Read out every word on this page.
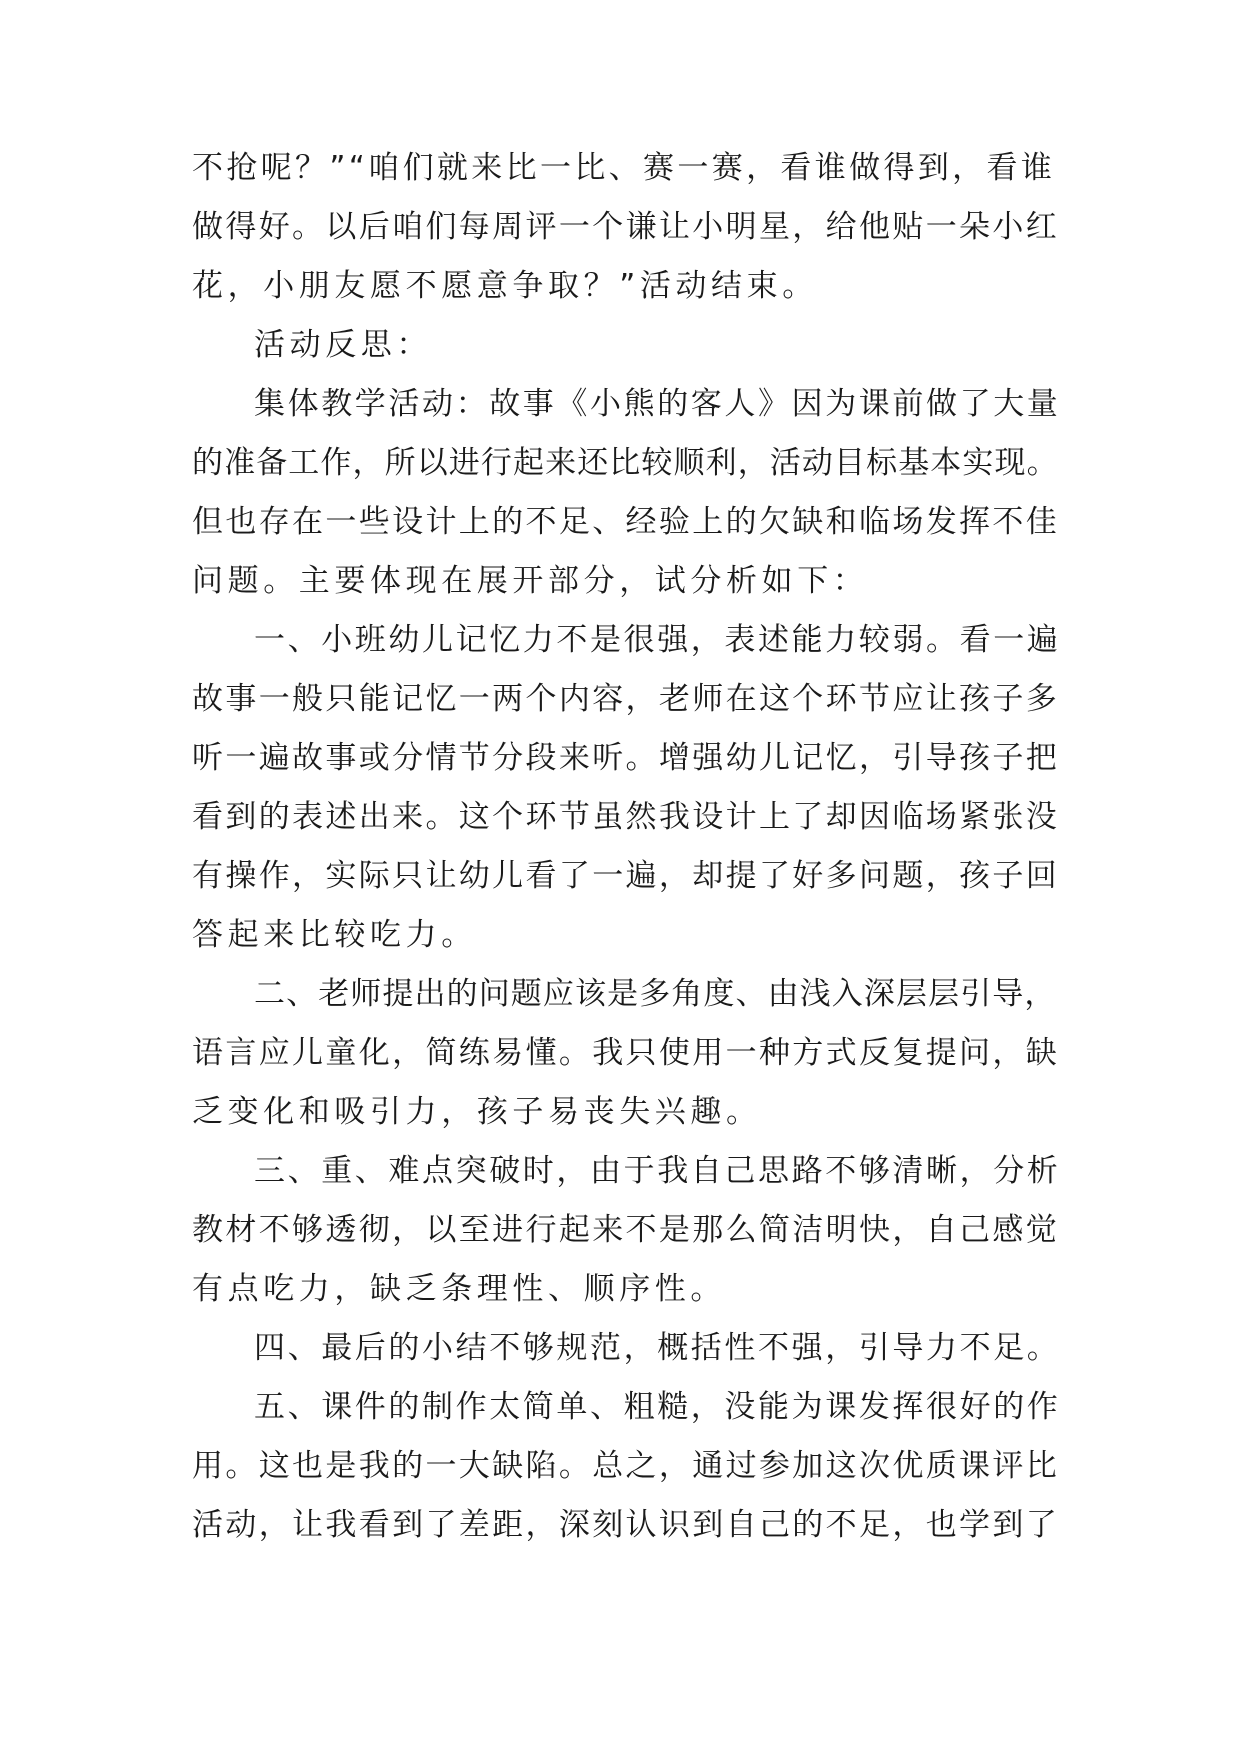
不抢呢？”“咱们就来比一比、赛一赛，看谁做得到，看谁
做得好。以后咱们每周评一个谦让小明星，给他贴一朵小红
花，小朋友愿不愿意争取？”活动结束。
活动反思：
集体教学活动：故事《小熊的客人》因为课前做了大量
的准备工作，所以进行起来还比较顺利，活动目标基本实现。
但也存在一些设计上的不足、经验上的欠缺和临场发挥不佳
问题。主要体现在展开部分，试分析如下：
一、小班幼儿记忆力不是很强，表述能力较弱。看一遍
故事一般只能记忆一两个内容，老师在这个环节应让孩子多
听一遍故事或分情节分段来听。增强幼儿记忆，引导孩子把
看到的表述出来。这个环节虽然我设计上了却因临场紧张没
有操作，实际只让幼儿看了一遍，却提了好多问题，孩子回
答起来比较吃力。
二、老师提出的问题应该是多角度、由浅入深层层引导，
语言应儿童化，简练易懂。我只使用一种方式反复提问，缺
乏变化和吸引力，孩子易丧失兴趣。
三、重、难点突破时，由于我自己思路不够清晰，分析
教材不够透彻，以至进行起来不是那么简洁明快，自己感觉
有点吃力，缺乏条理性、顺序性。
四、最后的小结不够规范，概括性不强，引导力不足。
五、课件的制作太简单、粗糙，没能为课发挥很好的作
用。这也是我的一大缺陷。总之，通过参加这次优质课评比
活动，让我看到了差距，深刻认识到自己的不足，也学到了
